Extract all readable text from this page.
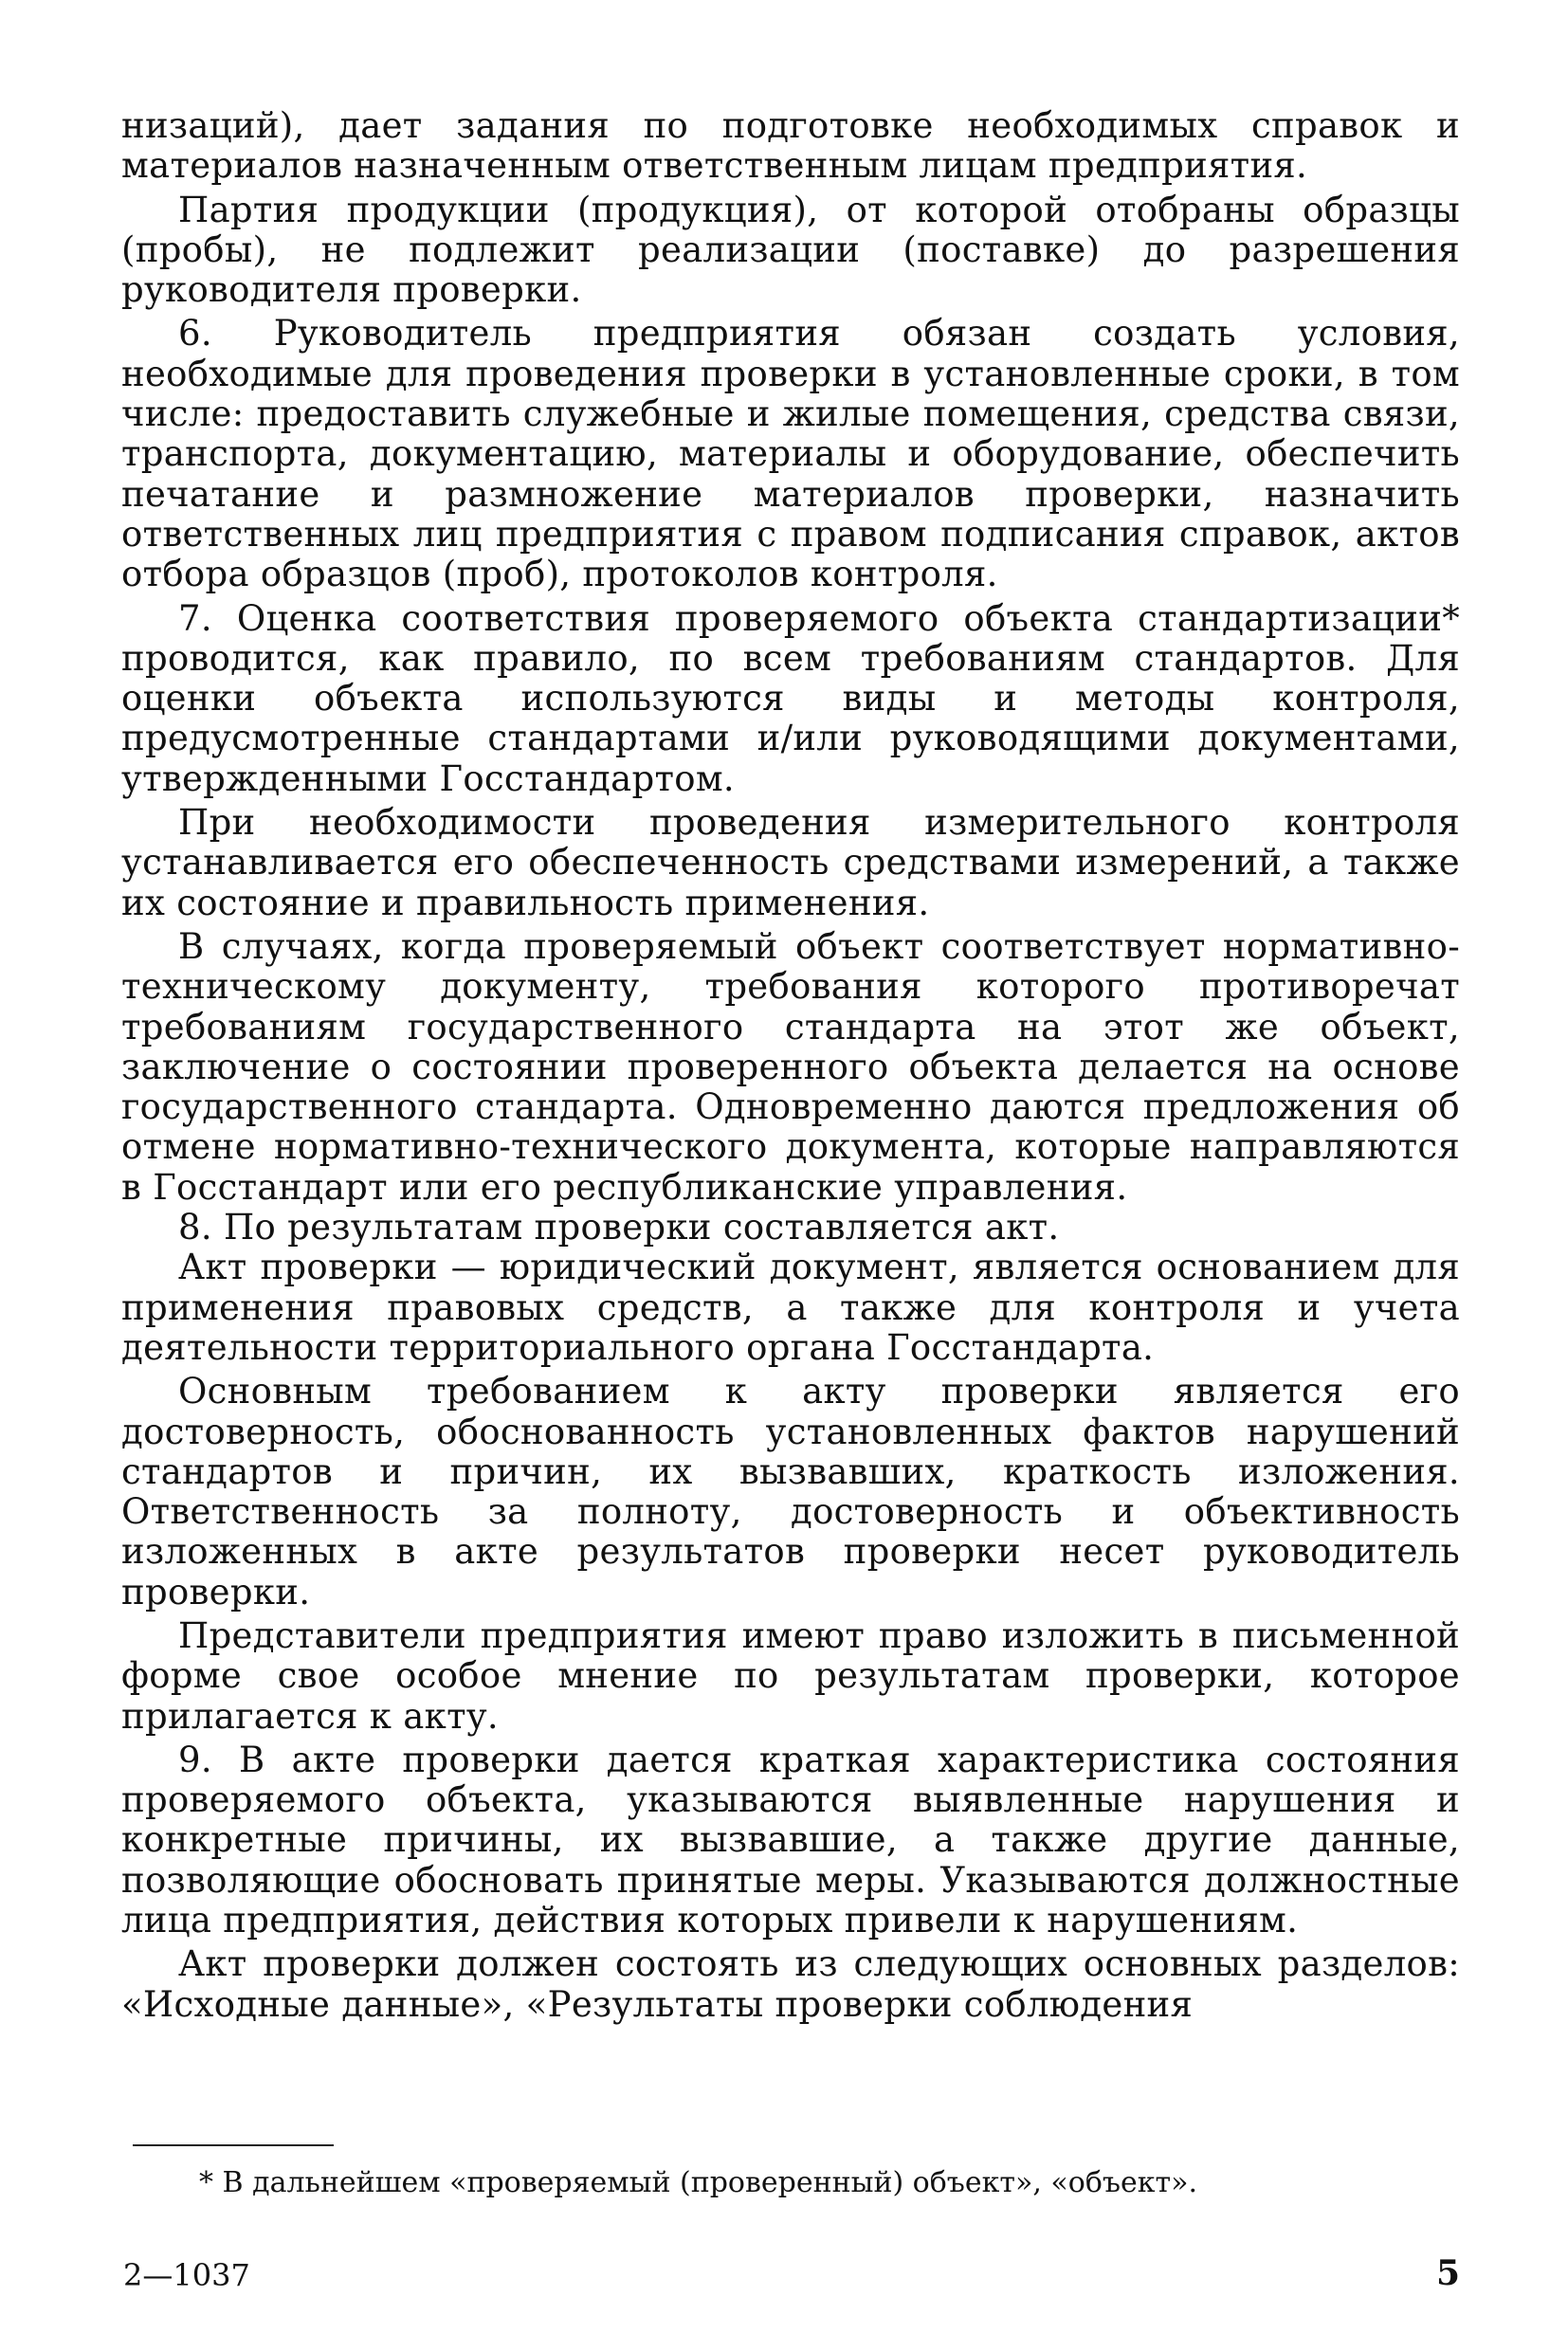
низаций), дает задания по подготовке необходимых справок и материалов назначенным ответственным лицам предприятия.

Партия продукции (продукция), от которой отобраны образцы (пробы), не подлежит реализации (поставке) до разрешения руководителя проверки.

6. Руководитель предприятия обязан создать условия, необходимые для проведения проверки в установленные сроки, в том числе: предоставить служебные и жилые помещения, средства связи, транспорта, документацию, материалы и оборудование, обеспечить печатание и размножение материалов проверки, назначить ответственных лиц предприятия с правом подписания справок, актов отбора образцов (проб), протоколов контроля.

7. Оценка соответствия проверяемого объекта стандартизации* проводится, как правило, по всем требованиям стандартов. Для оценки объекта используются виды и методы контроля, предусмотренные стандартами и/или руководящими документами, утвержденными Госстандартом.

При необходимости проведения измерительного контроля устанавливается его обеспеченность средствами измерений, а также их состояние и правильность применения.

В случаях, когда проверяемый объект соответствует нормативно-техническому документу, требования которого противоречат требованиям государственного стандарта на этот же объект, заключение о состоянии проверенного объекта делается на основе государственного стандарта. Одновременно даются предложения об отмене нормативно-технического документа, которые направляются в Госстандарт или его республиканские управления.

8. По результатам проверки составляется акт.

Акт проверки — юридический документ, является основанием для применения правовых средств, а также для контроля и учета деятельности территориального органа Госстандарта.

Основным требованием к акту проверки является его достоверность, обоснованность установленных фактов нарушений стандартов и причин, их вызвавших, краткость изложения. Ответственность за полноту, достоверность и объективность изложенных в акте результатов проверки несет руководитель проверки.

Представители предприятия имеют право изложить в письменной форме свое особое мнение по результатам проверки, которое прилагается к акту.

9. В акте проверки дается краткая характеристика состояния проверяемого объекта, указываются выявленные нарушения и конкретные причины, их вызвавшие, а также другие данные, позволяющие обосновать принятые меры. Указываются должностные лица предприятия, действия которых привели к нарушениям.

Акт проверки должен состоять из следующих основных разделов: «Исходные данные», «Результаты проверки соблюдения

* В дальнейшем «проверяемый (проверенный) объект», «объект».

2—1037	5
